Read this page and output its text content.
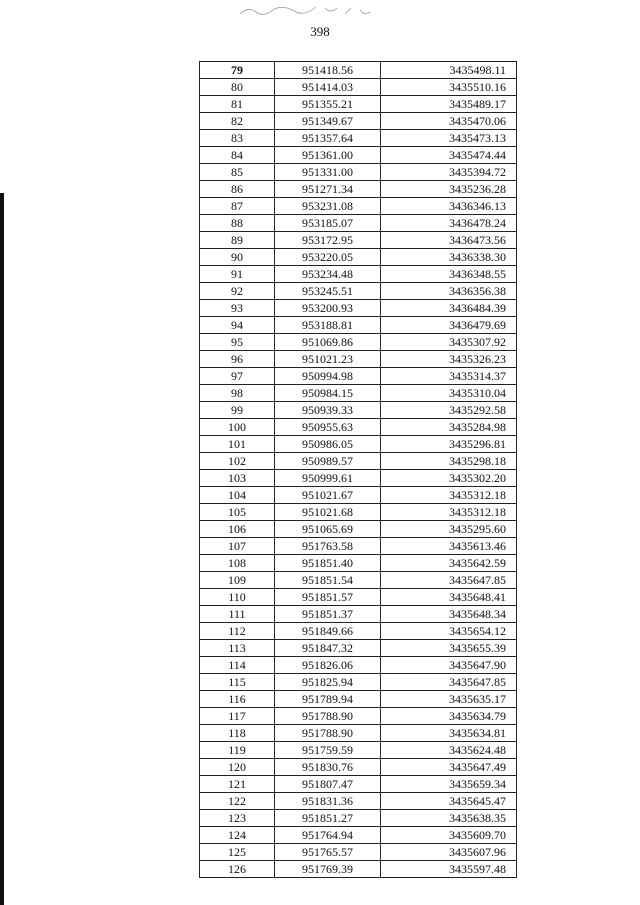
398
79	951418.56	3435498.11
80	951414.03	3435510.16
81	951355.21	3435489.17
82	951349.67	3435470.06
83	951357.64	3435473.13
84	951361.00	3435474.44
85	951331.00	3435394.72
86	951271.34	3435236.28
87	953231.08	3436346.13
88	953185.07	3436478.24
89	953172.95	3436473.56
90	953220.05	3436338.30
91	953234.48	3436348.55
92	953245.51	3436356.38
93	953200.93	3436484.39
94	953188.81	3436479.69
95	951069.86	3435307.92
96	951021.23	3435326.23
97	950994.98	3435314.37
98	950984.15	3435310.04
99	950939.33	3435292.58
100	950955.63	3435284.98
101	950986.05	3435296.81
102	950989.57	3435298.18
103	950999.61	3435302.20
104	951021.67	3435312.18
105	951021.68	3435312.18
106	951065.69	3435295.60
107	951763.58	3435613.46
108	951851.40	3435642.59
109	951851.54	3435647.85
110	951851.57	3435648.41
111	951851.37	3435648.34
112	951849.66	3435654.12
113	951847.32	3435655.39
114	951826.06	3435647.90
115	951825.94	3435647.85
116	951789.94	3435635.17
117	951788.90	3435634.79
118	951788.90	3435634.81
119	951759.59	3435624.48
120	951830.76	3435647.49
121	951807.47	3435659.34
122	951831.36	3435645.47
123	951851.27	3435638.35
124	951764.94	3435609.70
125	951765.57	3435607.96
126	951769.39	3435597.48
